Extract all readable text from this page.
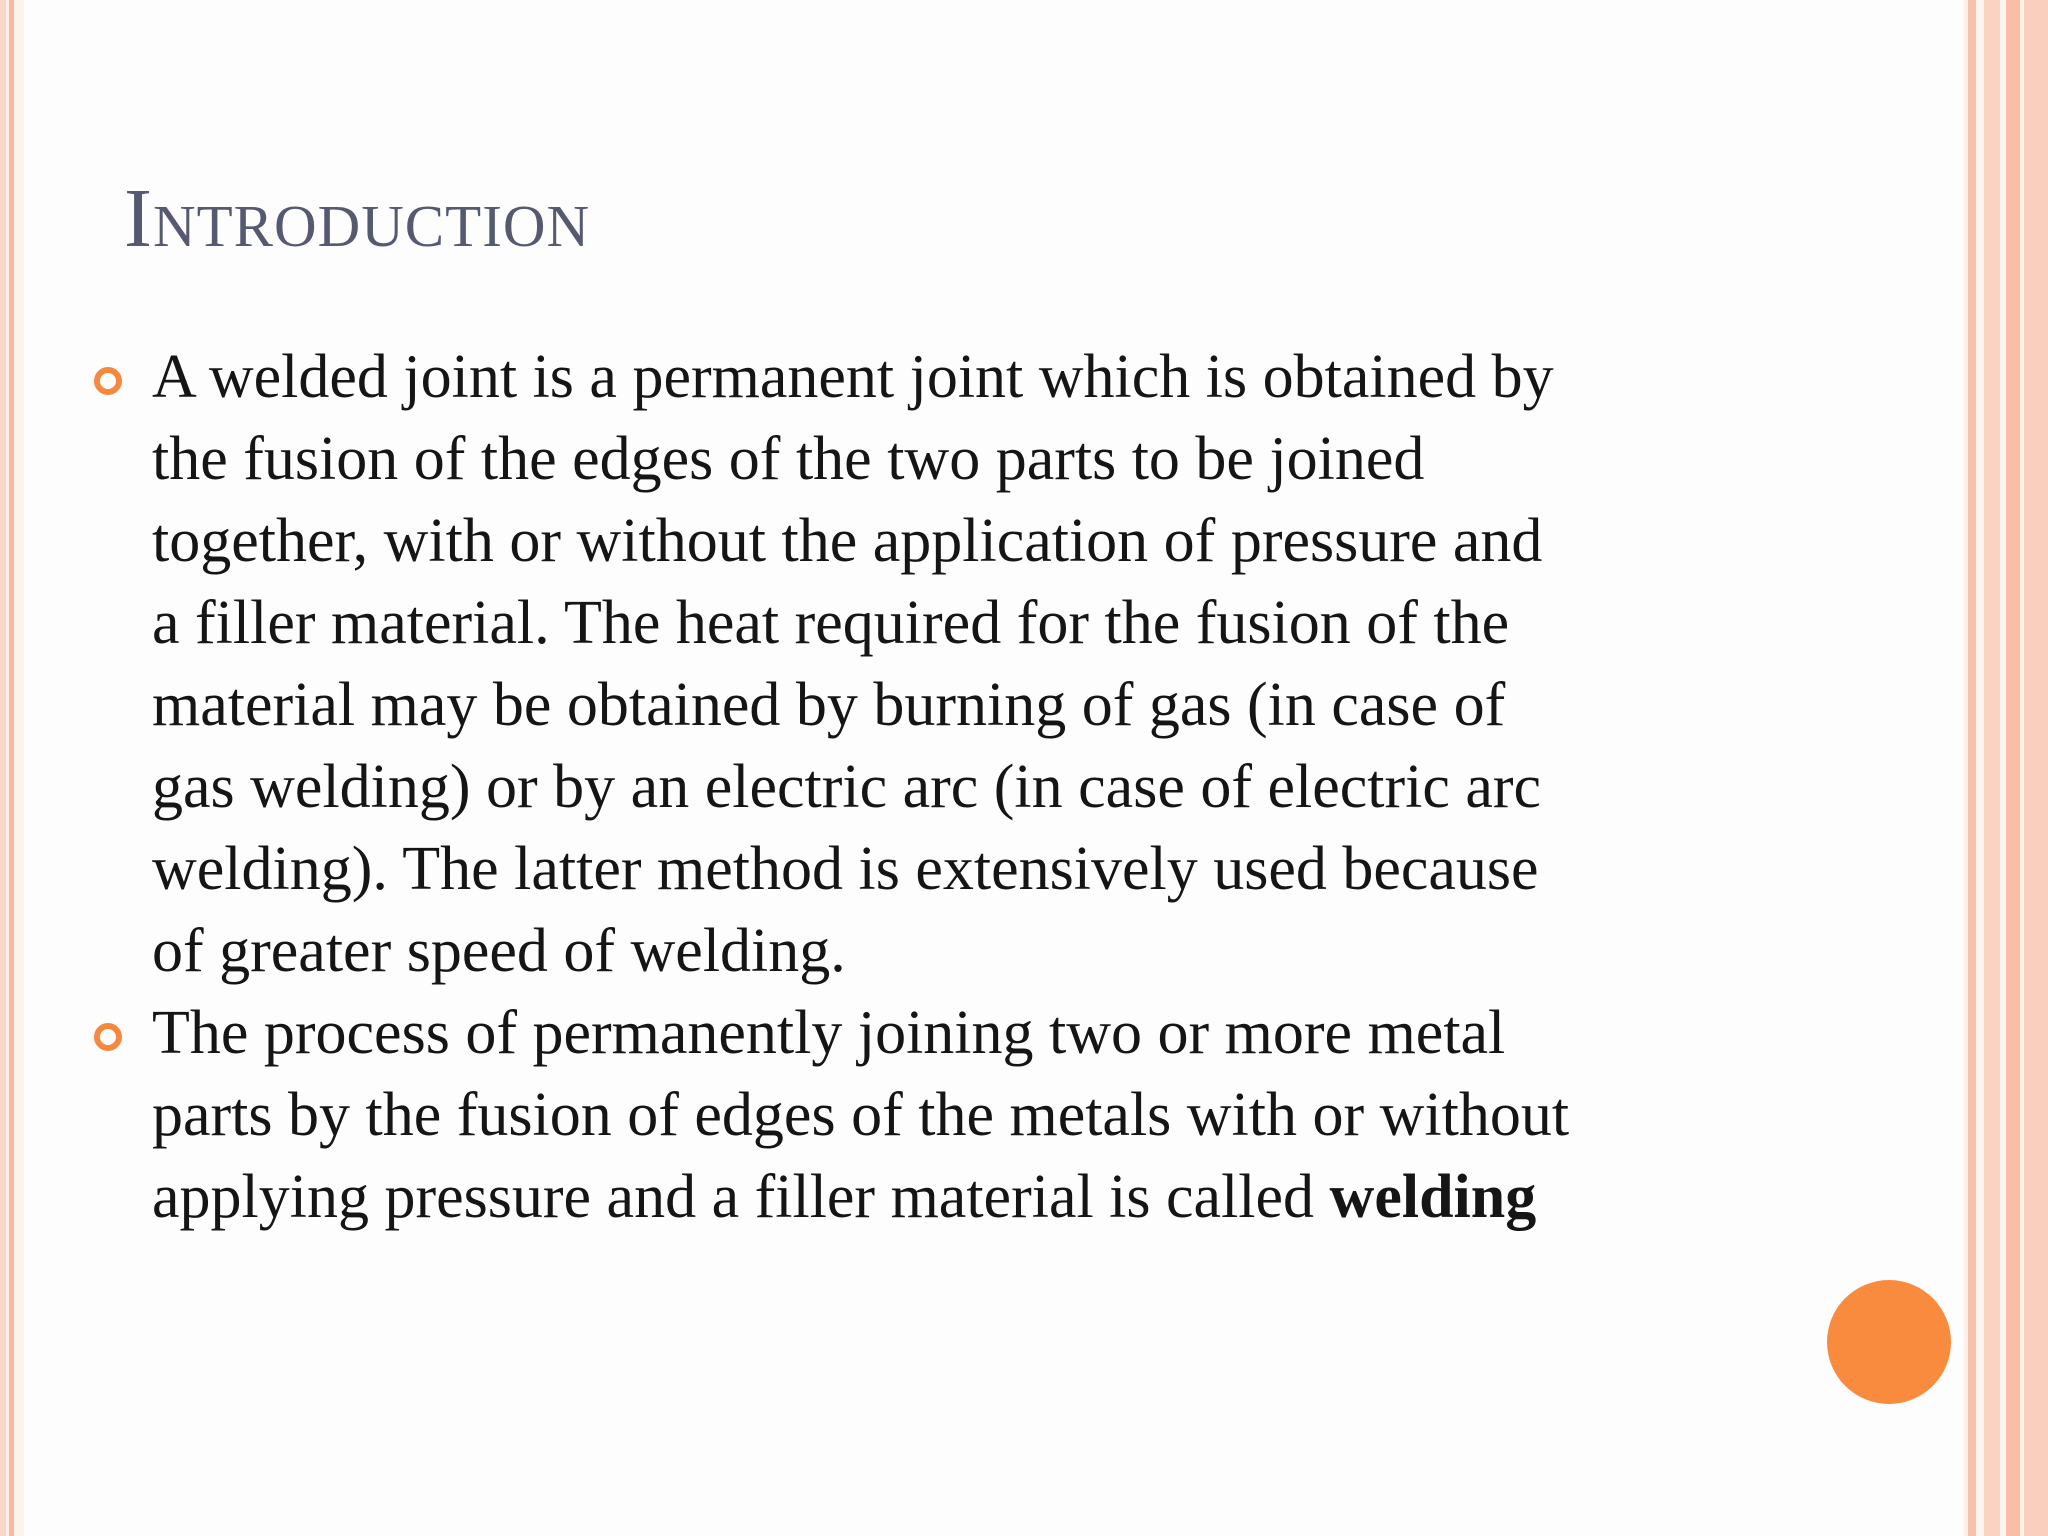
Introduction
A welded joint is a permanent joint which is obtained by
the fusion of the edges of the two parts to be joined
together, with or without the application of pressure and
a filler material. The heat required for the fusion of the
material may be obtained by burning of gas (in case of
gas welding) or by an electric arc (in case of electric arc
welding). The latter method is extensively used because
of greater speed of welding.
The process of permanently joining two or more metal
parts by the fusion of edges of the metals with or without
applying pressure and a filler material is called welding
